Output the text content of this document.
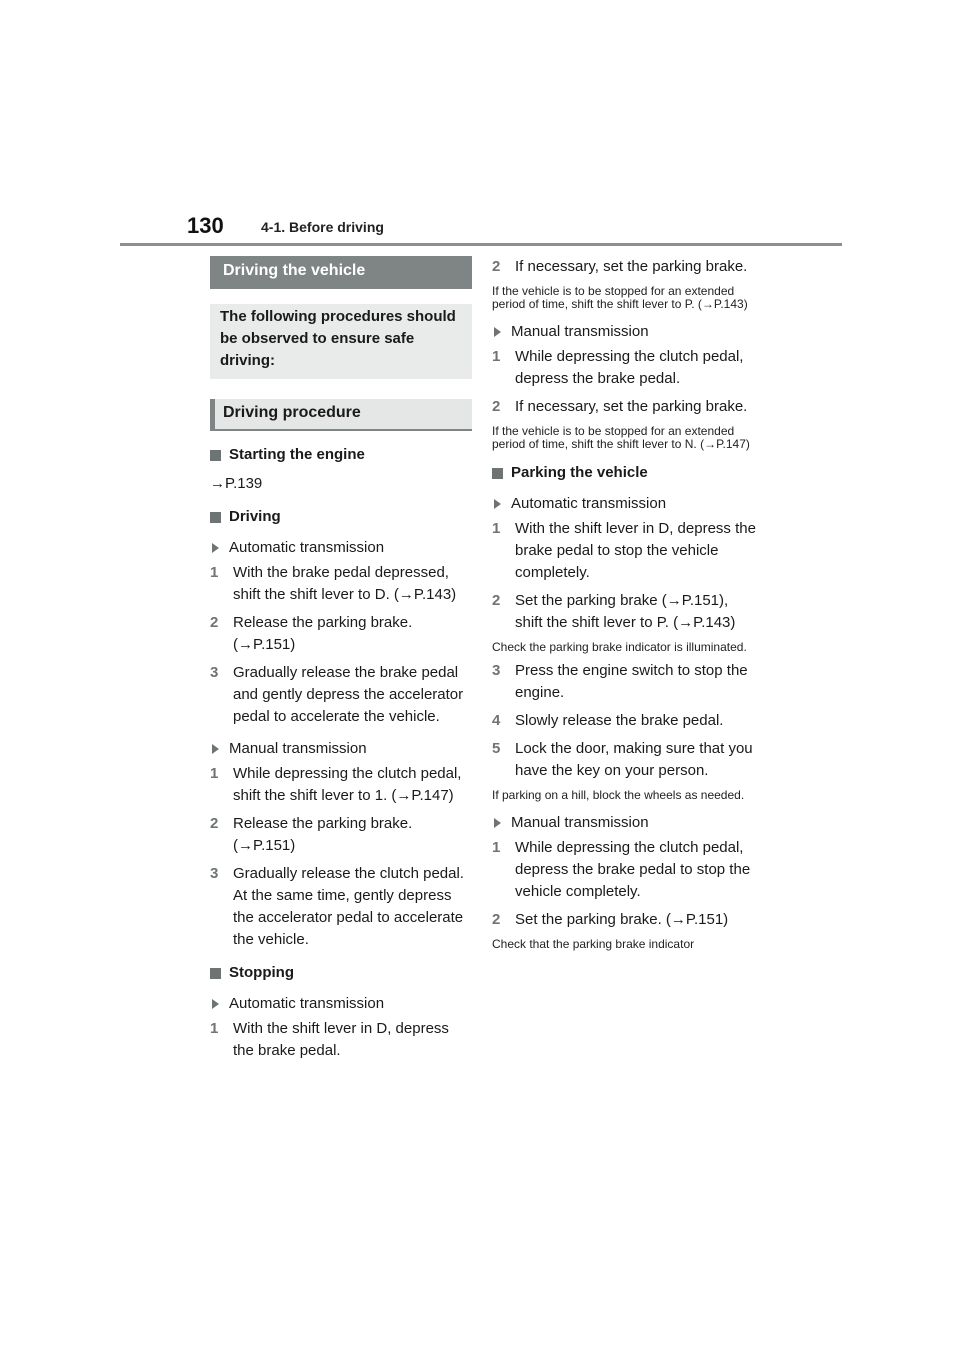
130	4-1. Before driving
Driving the vehicle
The following procedures should be observed to ensure safe driving:
Driving procedure
Starting the engine
→P.139
Driving
Automatic transmission
1 With the brake pedal depressed, shift the shift lever to D. (→P.143)
2 Release the parking brake. (→P.151)
3 Gradually release the brake pedal and gently depress the accelerator pedal to accelerate the vehicle.
Manual transmission
1 While depressing the clutch pedal, shift the shift lever to 1. (→P.147)
2 Release the parking brake. (→P.151)
3 Gradually release the clutch pedal. At the same time, gently depress the accelerator pedal to accelerate the vehicle.
Stopping
Automatic transmission
1 With the shift lever in D, depress the brake pedal.
2 If necessary, set the parking brake.
If the vehicle is to be stopped for an extended period of time, shift the shift lever to P. (→P.143)
Manual transmission
1 While depressing the clutch pedal, depress the brake pedal.
2 If necessary, set the parking brake.
If the vehicle is to be stopped for an extended period of time, shift the shift lever to N. (→P.147)
Parking the vehicle
Automatic transmission
1 With the shift lever in D, depress the brake pedal to stop the vehicle completely.
2 Set the parking brake (→P.151), shift the shift lever to P. (→P.143)
Check the parking brake indicator is illuminated.
3 Press the engine switch to stop the engine.
4 Slowly release the brake pedal.
5 Lock the door, making sure that you have the key on your person.
If parking on a hill, block the wheels as needed.
Manual transmission
1 While depressing the clutch pedal, depress the brake pedal to stop the vehicle completely.
2 Set the parking brake. (→P.151)
Check that the parking brake indicator
